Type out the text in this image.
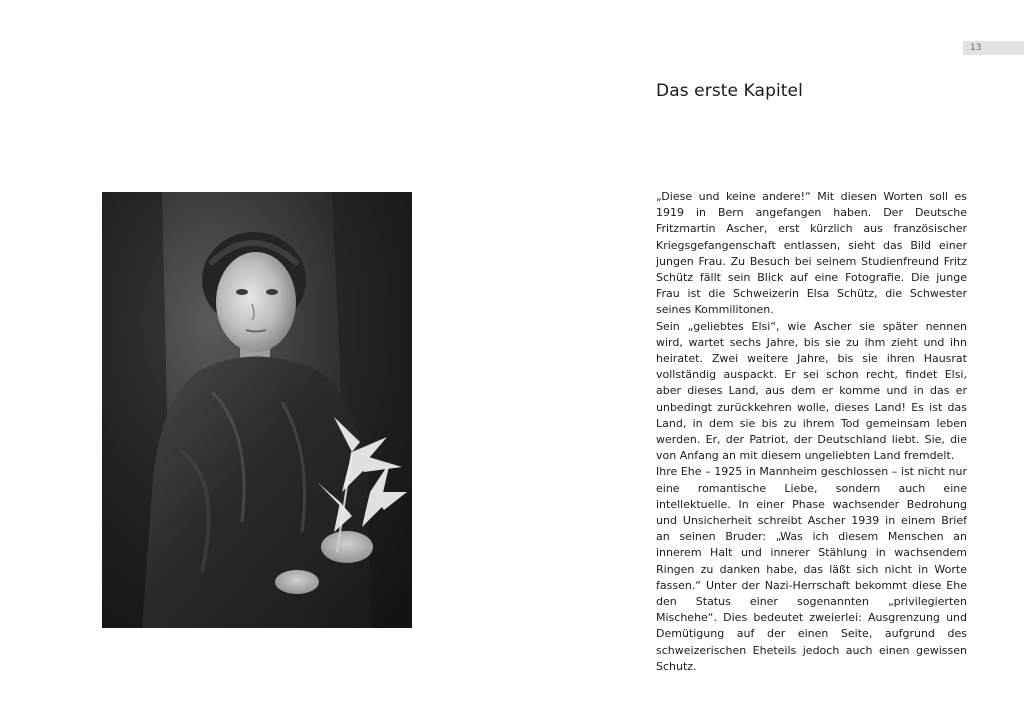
13
Das erste Kapitel

„Diese und keine andere!“ Mit diesen Worten soll es 1919 in Bern angefangen haben. Der Deutsche Fritzmartin Ascher, erst kürzlich aus französischer Kriegsgefangenschaft entlassen, sieht das Bild einer jungen Frau. Zu Besuch bei seinem Studienfreund Fritz Schütz fällt sein Blick auf eine Fotografie. Die junge Frau ist die Schweizerin Elsa Schütz, die Schwester seines Kommilitonen.

Sein „geliebtes Elsi“, wie Ascher sie später nennen wird, wartet sechs Jahre, bis sie zu ihm zieht und ihn heiratet. Zwei weitere Jahre, bis sie ihren Hausrat vollständig auspackt. Er sei schon recht, findet Elsi, aber dieses Land, aus dem er komme und in das er unbedingt zurückkehren wolle, dieses Land! Es ist das Land, in dem sie bis zu ihrem Tod gemeinsam leben werden. Er, der Patriot, der Deutschland liebt. Sie, die von Anfang an mit diesem ungeliebten Land fremdelt.

Ihre Ehe – 1925 in Mannheim geschlossen – ist nicht nur eine romantische Liebe, sondern auch eine intellektuelle. In einer Phase wachsender Bedrohung und Unsicherheit schreibt Ascher 1939 in einem Brief an seinen Bruder: „Was ich diesem Menschen an innerem Halt und innerer Stählung in wachsendem Ringen zu danken habe, das läßt sich nicht in Worte fassen.“ Unter der Nazi-Herrschaft bekommt diese Ehe den Status einer sogenannten „privilegierten Mischehe“. Dies bedeutet zweierlei: Ausgrenzung und Demütigung auf der einen Seite, aufgrund des schweizerischen Eheteils jedoch auch einen gewissen Schutz.
